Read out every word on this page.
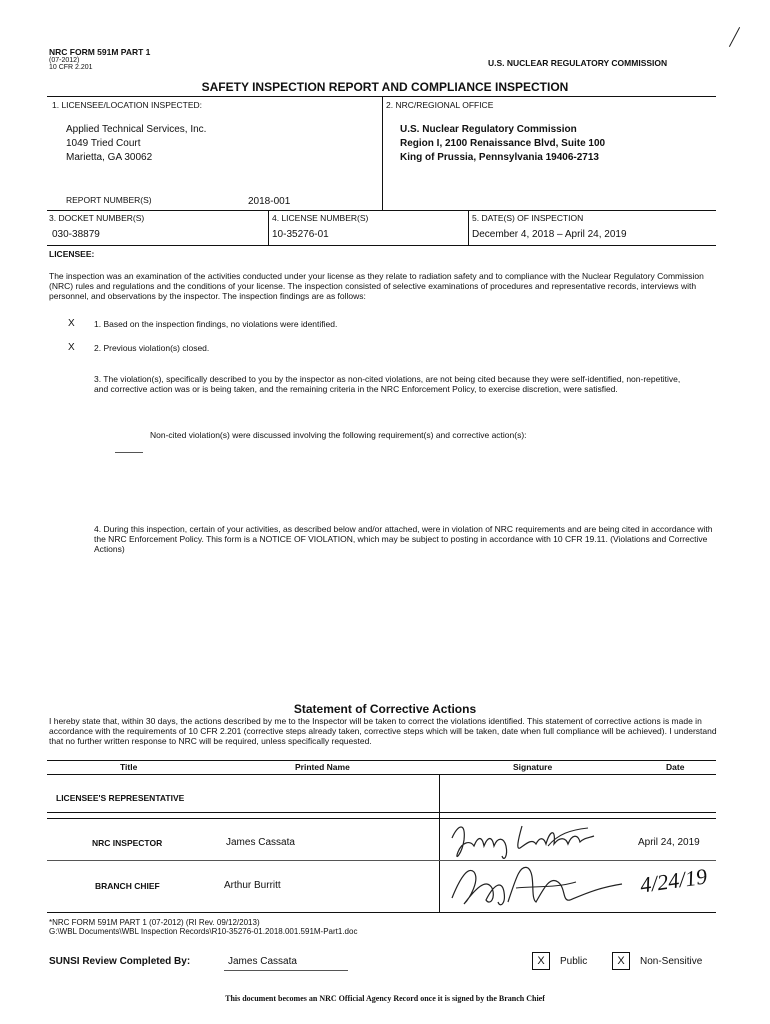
NRC FORM 591M PART 1
(07-2012)
10 CFR 2.201	U.S. NUCLEAR REGULATORY COMMISSION
SAFETY INSPECTION REPORT AND COMPLIANCE INSPECTION
1. LICENSEE/LOCATION INSPECTED:
Applied Technical Services, Inc.
1049 Tried Court
Marietta, GA 30062
REPORT NUMBER(S)	2018-001
2. NRC/REGIONAL OFFICE
U.S. Nuclear Regulatory Commission
Region I, 2100 Renaissance Blvd, Suite 100
King of Prussia, Pennsylvania 19406-2713
3. DOCKET NUMBER(S)
030-38879
4. LICENSE NUMBER(S)
10-35276-01
5. DATE(S) OF INSPECTION
December 4, 2018 – April 24, 2019
LICENSEE:
The inspection was an examination of the activities conducted under your license as they relate to radiation safety and to compliance with the Nuclear Regulatory Commission (NRC) rules and regulations and the conditions of your license. The inspection consisted of selective examinations of procedures and representative records, interviews with personnel, and observations by the inspector. The inspection findings are as follows:
X 1. Based on the inspection findings, no violations were identified.
X 2. Previous violation(s) closed.
3. The violation(s), specifically described to you by the inspector as non-cited violations, are not being cited because they were self-identified, non-repetitive, and corrective action was or is being taken, and the remaining criteria in the NRC Enforcement Policy, to exercise discretion, were satisfied.
Non-cited violation(s) were discussed involving the following requirement(s) and corrective action(s):
4. During this inspection, certain of your activities, as described below and/or attached, were in violation of NRC requirements and are being cited in accordance with the NRC Enforcement Policy. This form is a NOTICE OF VIOLATION, which may be subject to posting in accordance with 10 CFR 19.11. (Violations and Corrective Actions)
Statement of Corrective Actions
I hereby state that, within 30 days, the actions described by me to the Inspector will be taken to correct the violations identified. This statement of corrective actions is made in accordance with the requirements of 10 CFR 2.201 (corrective steps already taken, corrective steps which will be taken, date when full compliance will be achieved). I understand that no further written response to NRC will be required, unless specifically requested.
Title	Printed Name	Signature	Date
LICENSEE'S REPRESENTATIVE
NRC INSPECTOR	James Cassata	April 24, 2019
BRANCH CHIEF	Arthur Burritt	4/24/19
*NRC FORM 591M PART 1 (07-2012) (RI Rev. 09/12/2013)
G:\WBL Documents\WBL Inspection Records\R10-35276-01.2018.001.591M-Part1.doc
SUNSI Review Completed By:	James Cassata	X	Public	X	Non-Sensitive
This document becomes an NRC Official Agency Record once it is signed by the Branch Chief
